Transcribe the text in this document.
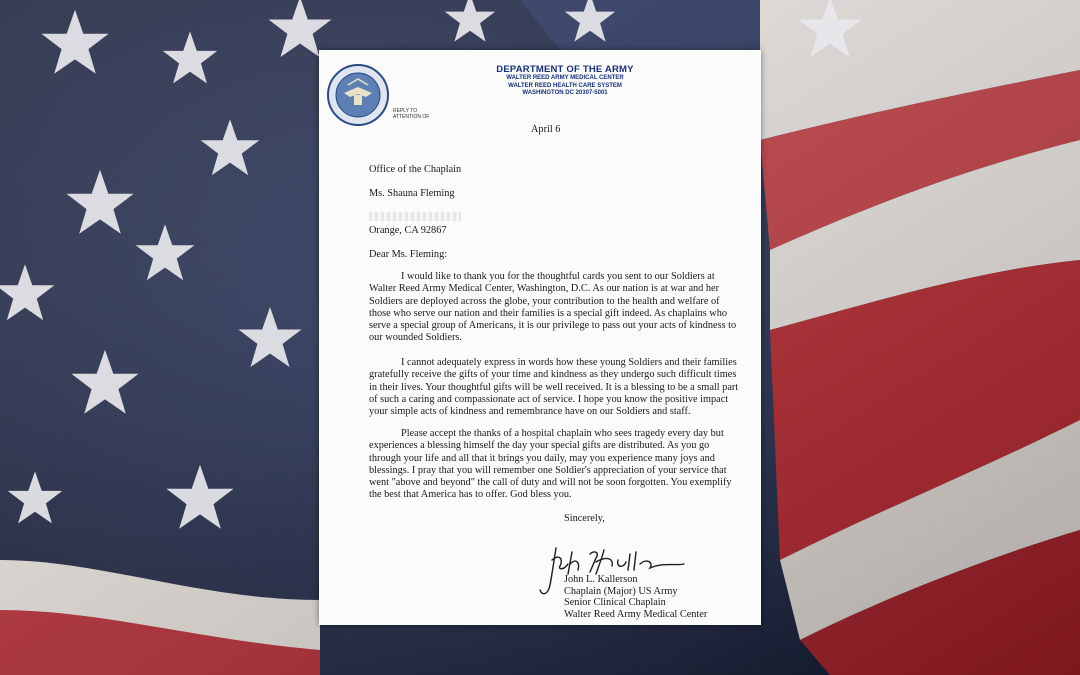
REPLY TO
ATTENTION OF
DEPARTMENT OF THE ARMY
WALTER REED ARMY MEDICAL CENTER
WALTER REED HEALTH CARE SYSTEM
WASHINGTON DC 20307-5001
April 6
Office of the Chaplain
Ms. Shauna Fleming
Orange, CA 92867
Dear Ms. Fleming:
I would like to thank you for the thoughtful cards you sent to our Soldiers at
Walter Reed Army Medical Center, Washington, D.C. As our nation is at war and her
Soldiers are deployed across the globe, your contribution to the health and welfare of
those who serve our nation and their families is a special gift indeed. As chaplains who
serve a special group of Americans, it is our privilege to pass out your acts of kindness to
our wounded Soldiers.
I cannot adequately express in words how these young Soldiers and their families
gratefully receive the gifts of your time and kindness as they undergo such difficult times
in their lives. Your thoughtful gifts will be well received. It is a blessing to be a small part
of such a caring and compassionate act of service. I hope you know the positive impact
your simple acts of kindness and remembrance have on our Soldiers and staff.
Please accept the thanks of a hospital chaplain who sees tragedy every day but
experiences a blessing himself the day your special gifts are distributed. As you go
through your life and all that it brings you daily, may you experience many joys and
blessings. I pray that you will remember one Soldier's appreciation of your service that
went "above and beyond" the call of duty and will not be soon forgotten. You exemplify
the best that America has to offer. God bless you.
Sincerely,
John L. Kallerson
Chaplain (Major) US Army
Senior Clinical Chaplain
Walter Reed Army Medical Center
